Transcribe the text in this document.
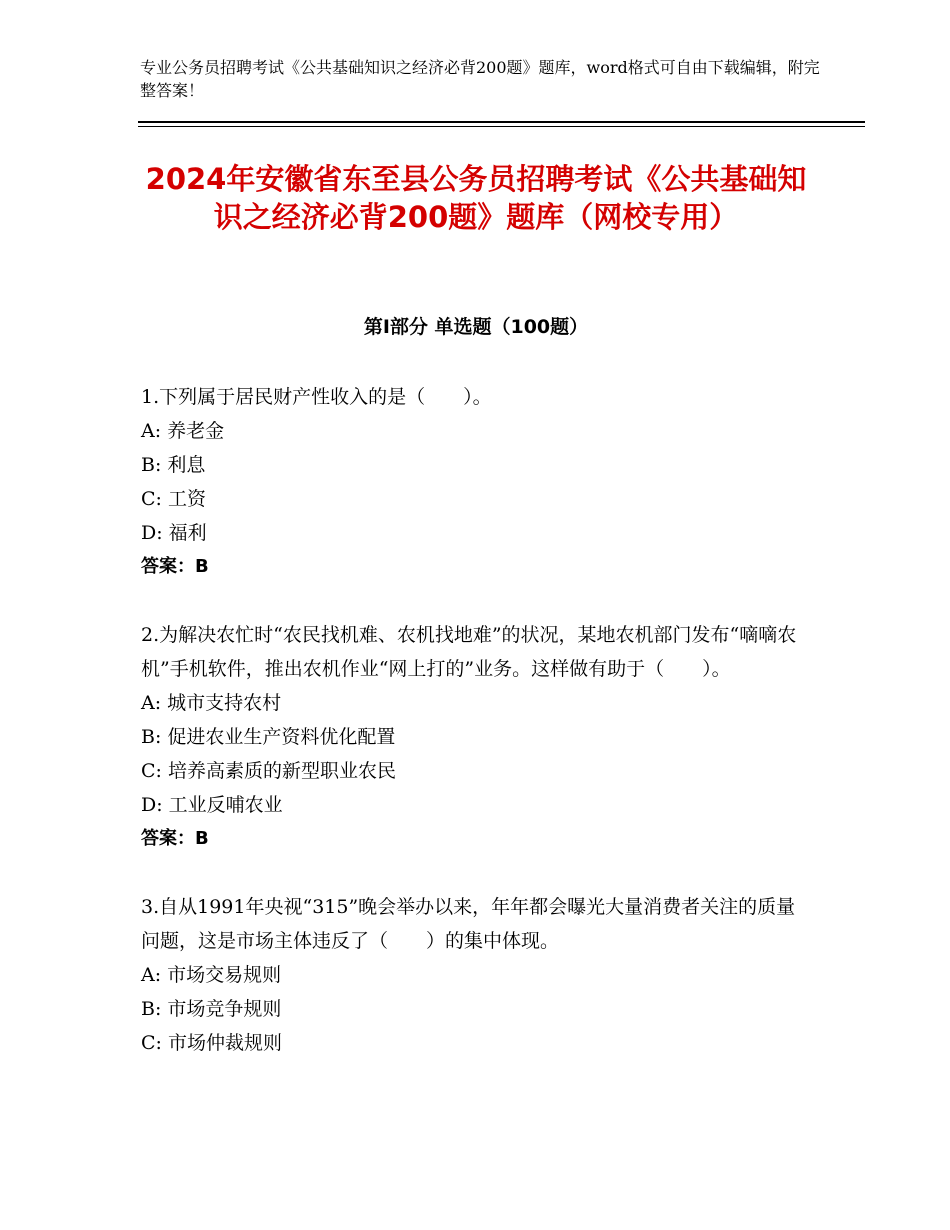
专业公务员招聘考试《公共基础知识之经济必背200题》题库，word格式可自由下载编辑，附完整答案！
2024年安徽省东至县公务员招聘考试《公共基础知识之经济必背200题》题库（网校专用）
第Ⅰ部分 单选题（100题）

1.下列属于居民财产性收入的是（　　）。

A: 养老金

B: 利息

C: 工资

D: 福利

答案：B

2.为解决农忙时“农民找机难、农机找地难”的状况，某地农机部门发布“嘀嘀农机”手机软件，推出农机作业“网上打的”业务。这样做有助于（　　）。

A: 城市支持农村

B: 促进农业生产资料优化配置

C: 培养高素质的新型职业农民

D: 工业反哺农业

答案：B

3.自从1991年央视“315”晚会举办以来，年年都会曝光大量消费者关注的质量问题，这是市场主体违反了（　　）的集中体现。

A: 市场交易规则

B: 市场竞争规则

C: 市场仲裁规则
